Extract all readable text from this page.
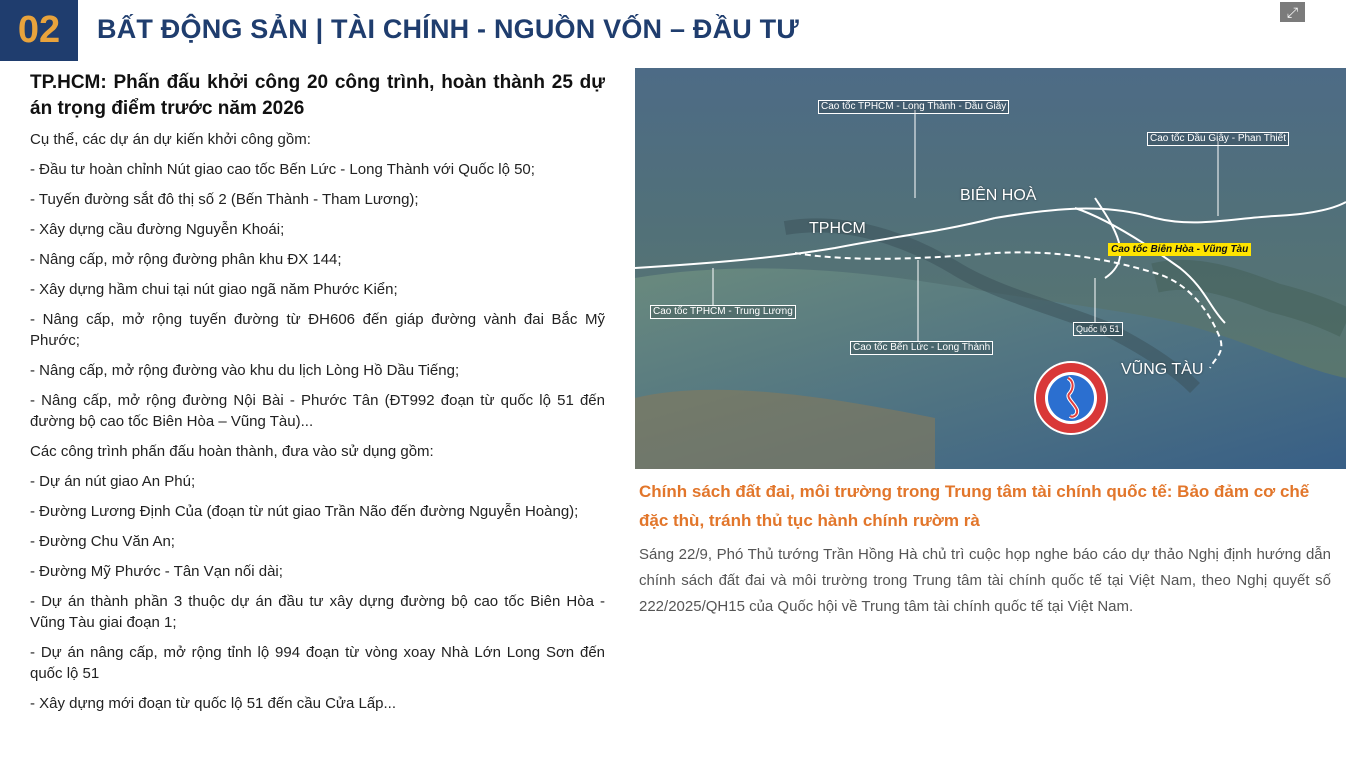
02	BẤT ĐỘNG SẢN | TÀI CHÍNH - NGUỒN VỐN – ĐẦU TƯ
⤢
TP.HCM: Phấn đấu khởi công 20 công trình, hoàn thành 25 dự án trọng điểm trước năm 2026

Cụ thể, các dự án dự kiến khởi công gồm:

- Đầu tư hoàn chỉnh Nút giao cao tốc Bến Lức - Long Thành với Quốc lộ 50;

- Tuyến đường sắt đô thị số 2 (Bến Thành - Tham Lương);

- Xây dựng cầu đường Nguyễn Khoái;

- Nâng cấp, mở rộng đường phân khu ĐX 144;

- Xây dựng hầm chui tại nút giao ngã năm Phước Kiển;

- Nâng cấp, mở rộng tuyến đường từ ĐH606 đến giáp đường vành đai Bắc Mỹ Phước;

- Nâng cấp, mở rộng đường vào khu du lịch Lòng Hồ Dầu Tiếng;

- Nâng cấp, mở rộng đường Nội Bài - Phước Tân (ĐT992 đoạn từ quốc lộ 51 đến đường bộ cao tốc Biên Hòa – Vũng Tàu)...

Các công trình phấn đấu hoàn thành, đưa vào sử dụng gồm:

- Dự án nút giao An Phú;

- Đường Lương Định Của (đoạn từ nút giao Trần Não đến đường Nguyễn Hoàng);

- Đường Chu Văn An;

- Đường Mỹ Phước - Tân Vạn nối dài;

- Dự án thành phần 3 thuộc dự án đầu tư xây dựng đường bộ cao tốc Biên Hòa - Vũng Tàu giai đoạn 1;

- Dự án nâng cấp, mở rộng tỉnh lộ 994 đoạn từ vòng xoay Nhà Lớn Long Sơn đến quốc lộ 51

- Xây dựng mới đoạn từ quốc lộ 51 đến cầu Cửa Lấp...

Cao tốc TPHCM - Long Thành - Dầu Giây
Cao tốc Dầu Giây - Phan Thiết
Cao tốc TPHCM - Trung Lương
Cao tốc Bến Lức - Long Thành
Quốc lộ 51
Cao tốc Biên Hòa - Vũng Tàu
BIÊN HOÀ
TPHCM
VŨNG TÀU
Chính sách đất đai, môi trường trong Trung tâm tài chính quốc tế: Bảo đảm cơ chế đặc thù, tránh thủ tục hành chính rườm rà
Sáng 22/9, Phó Thủ tướng Trần Hồng Hà chủ trì cuộc họp nghe báo cáo dự thảo Nghị định hướng dẫn chính sách đất đai và môi trường trong Trung tâm tài chính quốc tế tại Việt Nam, theo Nghị quyết số 222/2025/QH15 của Quốc hội về Trung tâm tài chính quốc tế tại Việt Nam.
